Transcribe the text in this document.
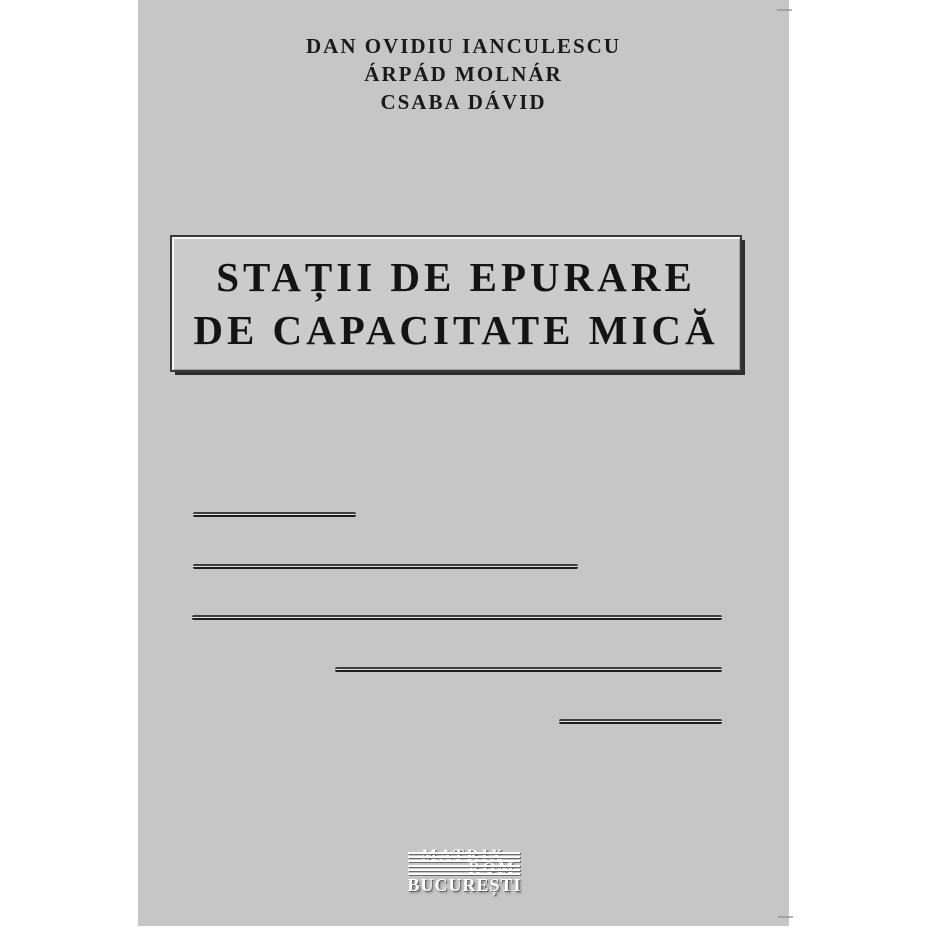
DAN OVIDIU IANCULESCU
ÁRPÁD MOLNÁR
CSABA DÁVID
STAȚII DE EPURARE
DE CAPACITATE MICĂ
BUCUREȘTI
